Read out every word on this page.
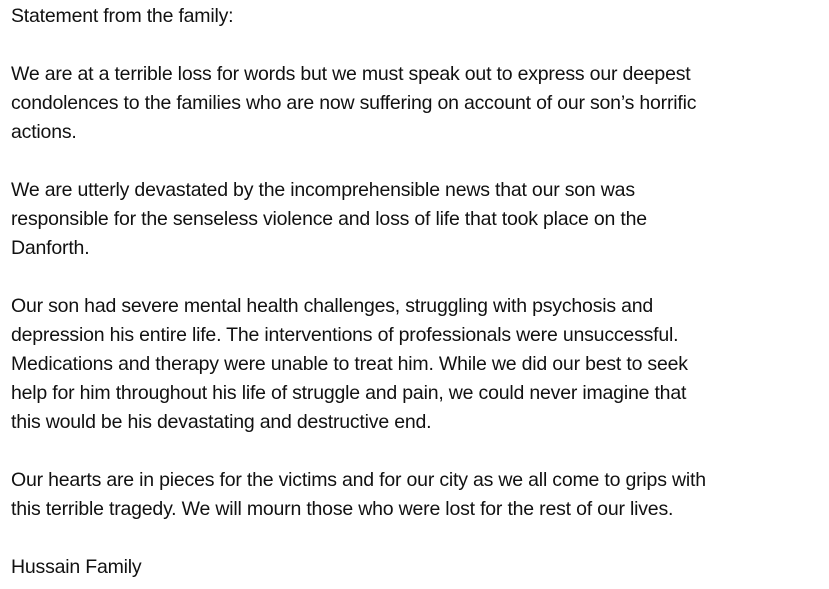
Statement from the family:
We are at a terrible loss for words but we must speak out to express our deepest
condolences to the families who are now suffering on account of our son’s horrific
actions.
We are utterly devastated by the incomprehensible news that our son was
responsible for the senseless violence and loss of life that took place on the
Danforth.
Our son had severe mental health challenges, struggling with psychosis and
depression his entire life. The interventions of professionals were unsuccessful.
Medications and therapy were unable to treat him. While we did our best to seek
help for him throughout his life of struggle and pain, we could never imagine that
this would be his devastating and destructive end.
Our hearts are in pieces for the victims and for our city as we all come to grips with
this terrible tragedy. We will mourn those who were lost for the rest of our lives.
Hussain Family
